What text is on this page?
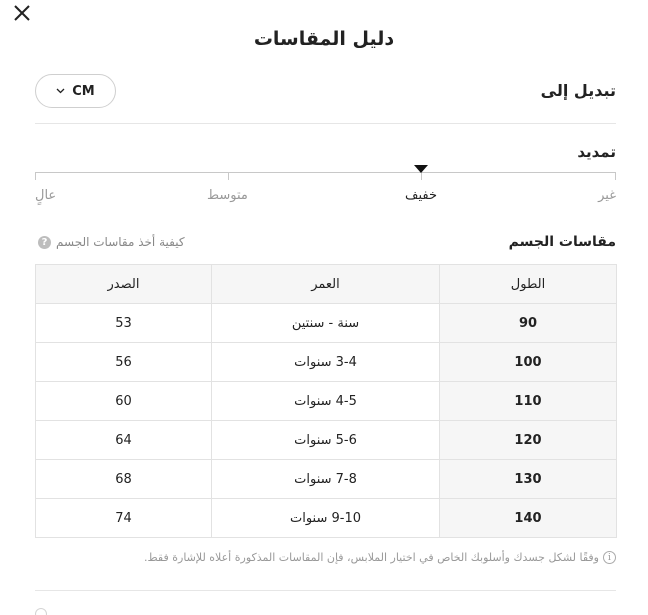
دليل المقاسات
تبديل إلى
CM
تمديد
غير
خفيف
متوسط
عالٍ
مقاسات الجسم
? كيفية أخذ مقاسات الجسم
الصدر	العمر	الطول
53	سنة - سنتين	90
56	3-4 سنوات	100
60	4-5 سنوات	110
64	5-6 سنوات	120
68	7-8 سنوات	130
74	9-10 سنوات	140
i
وفقًا لشكل جسدك وأسلوبك الخاص في اختيار الملابس، فإن المقاسات المذكورة أعلاه للإشارة فقط.
